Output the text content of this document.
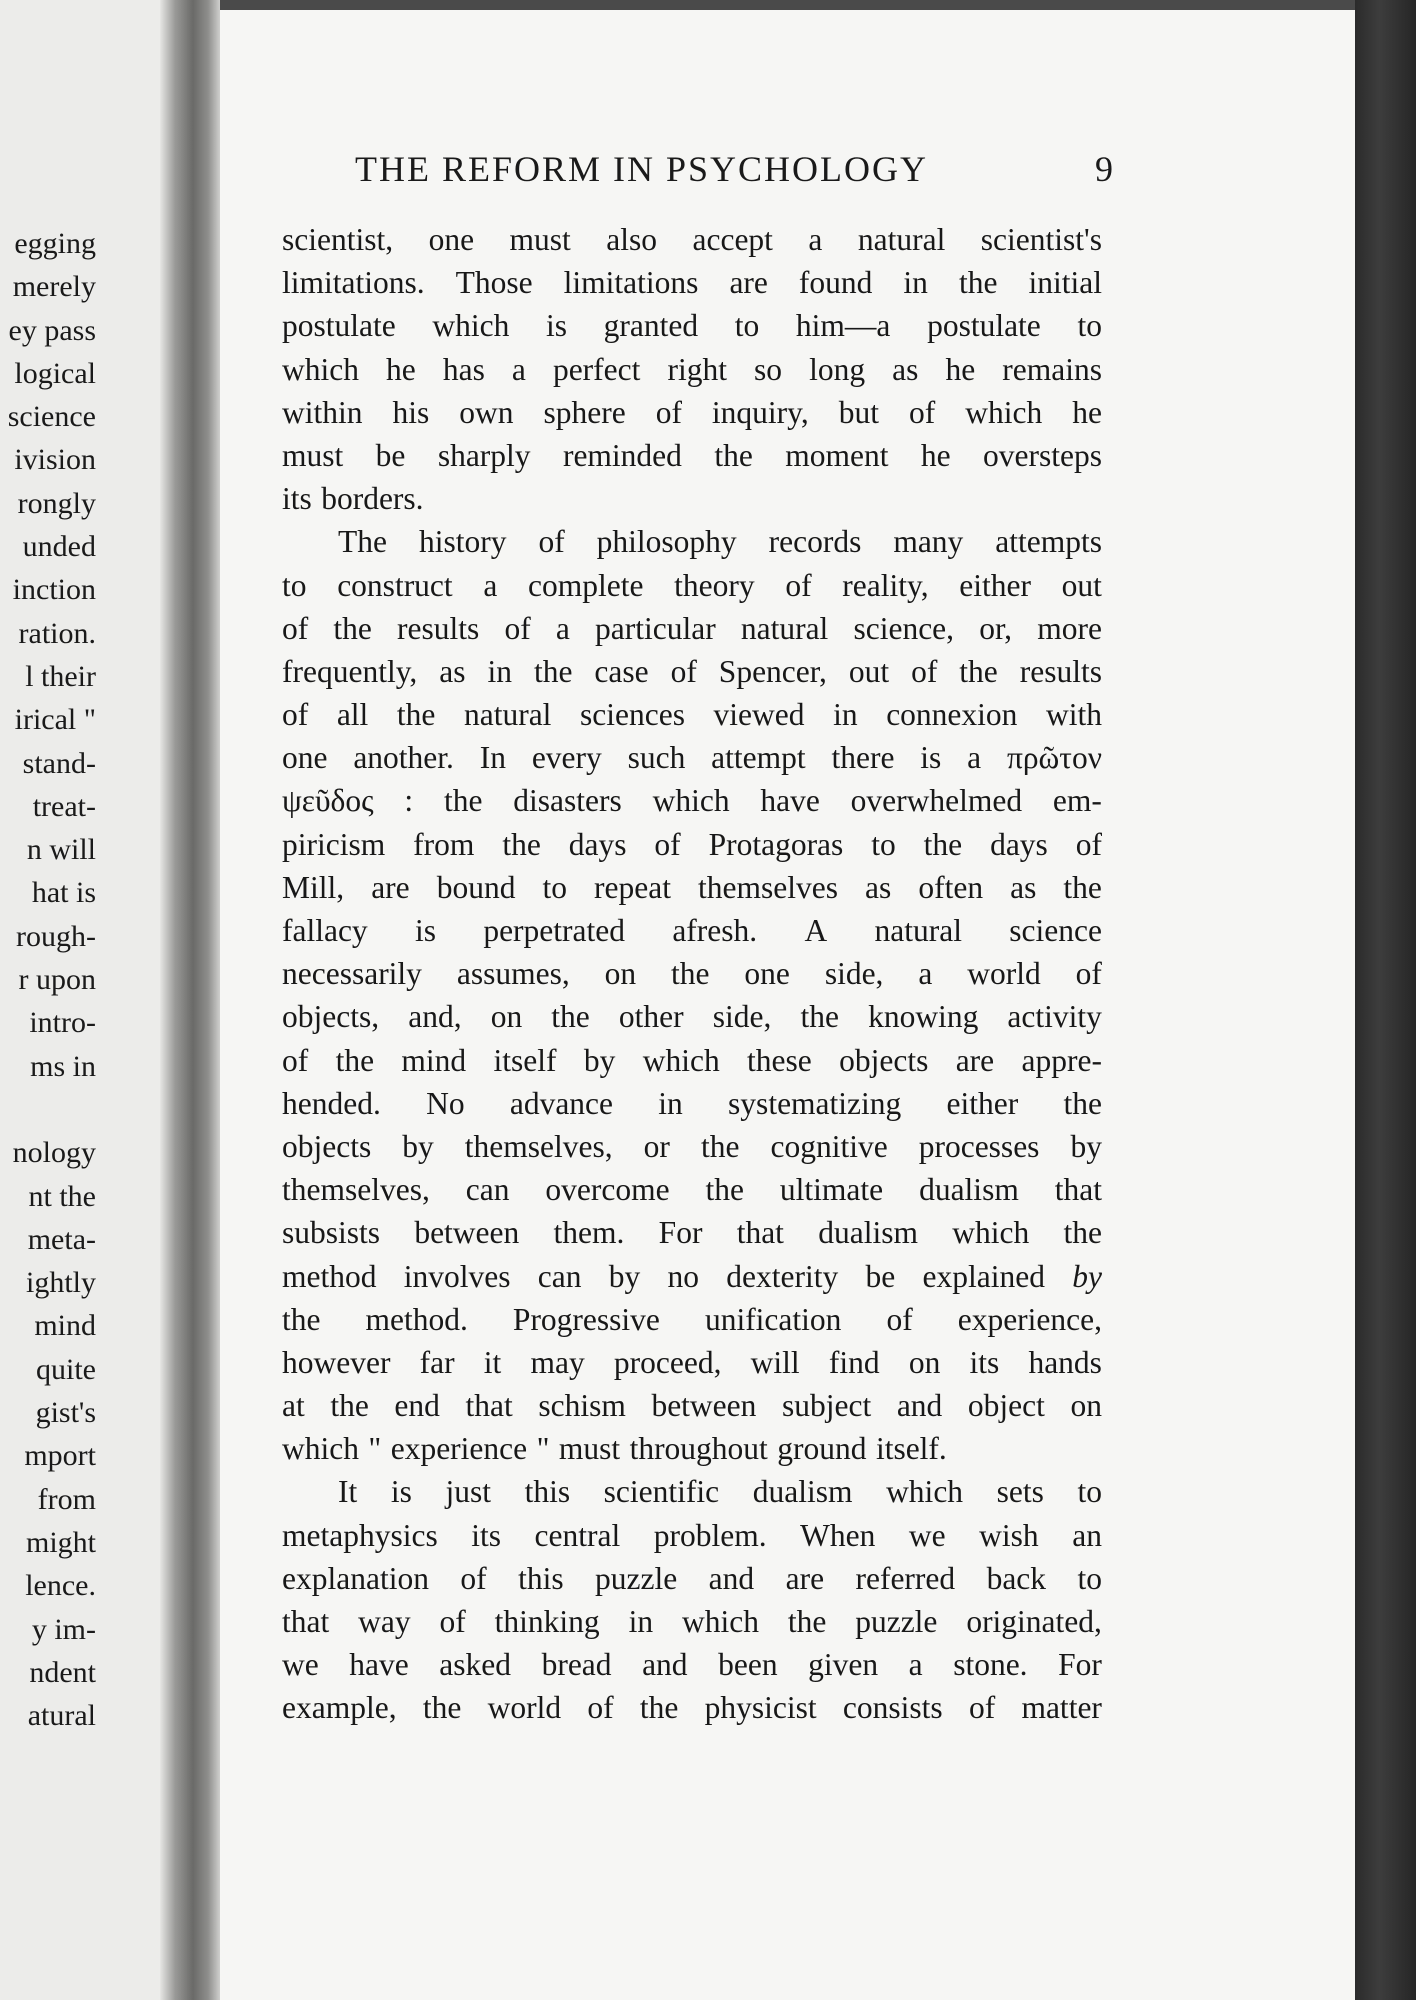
egging
merely
ey pass
logical
science
ivision
rongly
unded
inction
ration.
l their
irical "
stand-
treat-
n will
hat is
rough-
r upon
intro-
ms in
nology
nt the
meta-
ightly
mind
quite
gist's
mport
from
might
lence.
y im-
ndent
atural
THE REFORM IN PSYCHOLOGY	9
scientist, one must also accept a natural scientist's
limitations. Those limitations are found in the initial
postulate which is granted to him—a postulate to
which he has a perfect right so long as he remains
within his own sphere of inquiry, but of which he
must be sharply reminded the moment he oversteps
its borders.
The history of philosophy records many attempts
to construct a complete theory of reality, either out
of the results of a particular natural science, or, more
frequently, as in the case of Spencer, out of the results
of all the natural sciences viewed in connexion with
one another. In every such attempt there is a πρῶτον
ψεῦδος : the disasters which have overwhelmed em-
piricism from the days of Protagoras to the days of
Mill, are bound to repeat themselves as often as the
fallacy is perpetrated afresh. A natural science
necessarily assumes, on the one side, a world of
objects, and, on the other side, the knowing activity
of the mind itself by which these objects are appre-
hended. No advance in systematizing either the
objects by themselves, or the cognitive processes by
themselves, can overcome the ultimate dualism that
subsists between them. For that dualism which the
method involves can by no dexterity be explained by
the method. Progressive unification of experience,
however far it may proceed, will find on its hands
at the end that schism between subject and object on
which " experience " must throughout ground itself.
It is just this scientific dualism which sets to
metaphysics its central problem. When we wish an
explanation of this puzzle and are referred back to
that way of thinking in which the puzzle originated,
we have asked bread and been given a stone. For
example, the world of the physicist consists of matter
